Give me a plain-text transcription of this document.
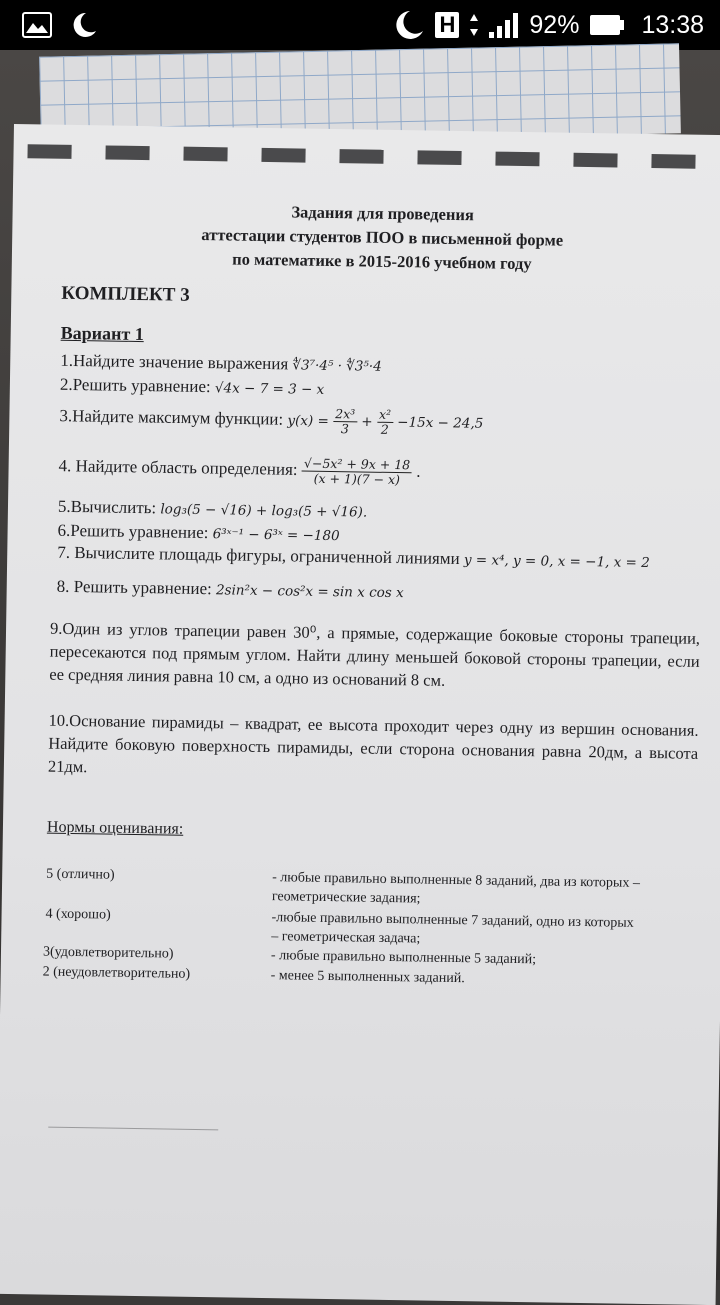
H	92% 13:38
Задания для проведения
аттестации студентов ПОО в письменной форме
по математике в 2015-2016 учебном году
КОМПЛЕКТ 3
Вариант 1
1.Найдите значение выражения ∜3⁷·4⁵ · ∜3⁵·4
2.Решить уравнение: √4x − 7 = 3 − x
3.Найдите максимум функции: $y(x) = \frac{\text{2x³}}{3} + \frac{\text{x²}}{2} -15x - 24,5$
4. Найдите область определения: $\frac{\text{√−5x² + 9x + 18}}{(x + 1)(7 - x)}$ .
5.Вычислить: log₃(5 − √16) + log₃(5 + √16).
6.Решить уравнение: 6³ˣ⁻¹ − 6³ˣ = −180
7. Вычислите площадь фигуры, ограниченной линиями y = x⁴, y = 0, x = −1, x = 2
8. Решить уравнение: 2sin²x − cos²x = sin x cos x
9.Один из углов трапеции равен 30⁰, а прямые, содержащие боковые стороны трапеции, пересекаются под прямым углом. Найти длину меньшей боковой стороны трапеции, если ее средняя линия равна 10 см, а одно из оснований 8 см.
10.Основание пирамиды – квадрат, ее высота проходит через одну из вершин основания. Найдите боковую поверхность пирамиды, если сторона основания равна 20дм, а высота 21дм.
Нормы оценивания:
5 (отлично)	- любые правильно выполненные 8 заданий, два из которых – геометрические задания;
4 (хорошо)	-любые правильно выполненные 7 заданий, одно из которых – геометрическая задача;
3(удовлетворительно)	- любые правильно выполненные 5 заданий;
2 (неудовлетворительно)	- менее 5 выполненных заданий.
